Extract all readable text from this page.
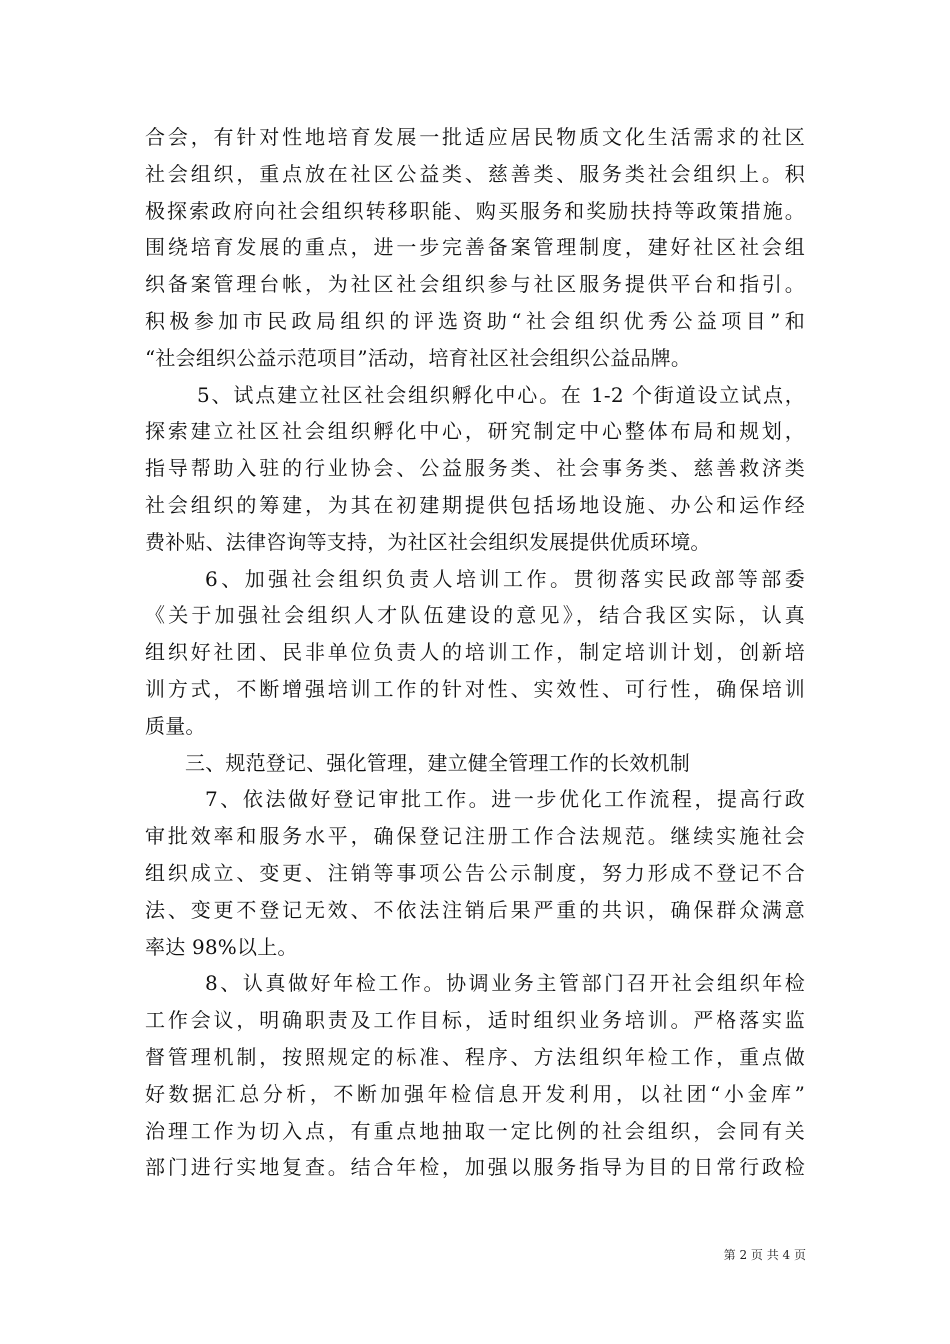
合会，有针对性地培育发展一批适应居民物质文化生活需求的社区
社会组织，重点放在社区公益类、慈善类、服务类社会组织上。积
极探索政府向社会组织转移职能、购买服务和奖励扶持等政策措施。
围绕培育发展的重点，进一步完善备案管理制度，建好社区社会组
织备案管理台帐，为社区社会组织参与社区服务提供平台和指引。
积极参加市民政局组织的评选资助“社会组织优秀公益项目”和
“社会组织公益示范项目”活动，培育社区社会组织公益品牌。
5、试点建立社区社会组织孵化中心。在 1-2 个街道设立试点，
探索建立社区社会组织孵化中心，研究制定中心整体布局和规划，
指导帮助入驻的行业协会、公益服务类、社会事务类、慈善救济类
社会组织的筹建，为其在初建期提供包括场地设施、办公和运作经
费补贴、法律咨询等支持，为社区社会组织发展提供优质环境。
6、加强社会组织负责人培训工作。贯彻落实民政部等部委
《关于加强社会组织人才队伍建设的意见》，结合我区实际，认真
组织好社团、民非单位负责人的培训工作，制定培训计划，创新培
训方式，不断增强培训工作的针对性、实效性、可行性，确保培训
质量。
三、规范登记、强化管理，建立健全管理工作的长效机制
7、依法做好登记审批工作。进一步优化工作流程，提高行政
审批效率和服务水平，确保登记注册工作合法规范。继续实施社会
组织成立、变更、注销等事项公告公示制度，努力形成不登记不合
法、变更不登记无效、不依法注销后果严重的共识，确保群众满意
率达 98%以上。
8、认真做好年检工作。协调业务主管部门召开社会组织年检
工作会议，明确职责及工作目标，适时组织业务培训。严格落实监
督管理机制，按照规定的标准、程序、方法组织年检工作，重点做
好数据汇总分析，不断加强年检信息开发利用，以社团“小金库”
治理工作为切入点，有重点地抽取一定比例的社会组织，会同有关
部门进行实地复查。结合年检，加强以服务指导为目的日常行政检
第 2 页 共 4 页
